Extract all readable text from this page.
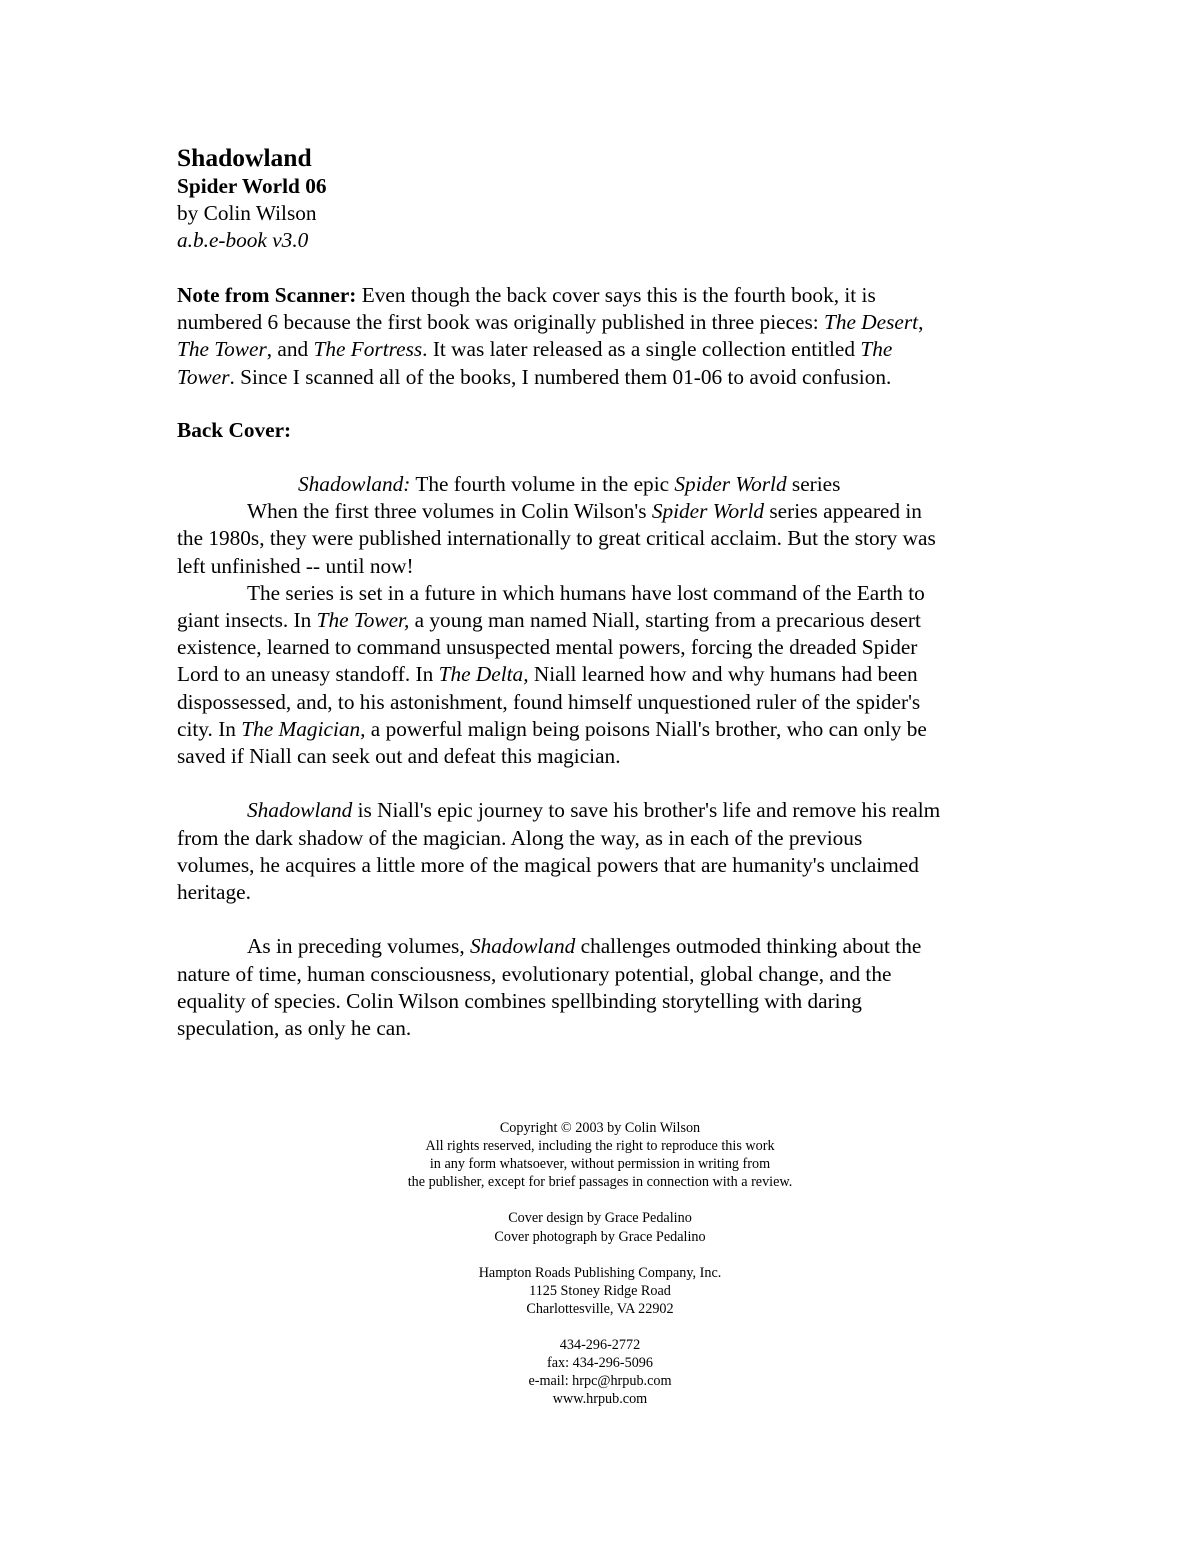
Shadowland
Spider World 06
by Colin Wilson
a.b.e-book v3.0
Note from Scanner: Even though the back cover says this is the fourth book, it is
numbered 6 because the first book was originally published in three pieces: The Desert,
The Tower, and The Fortress. It was later released as a single collection entitled The
Tower. Since I scanned all of the books, I numbered them 01-06 to avoid confusion.
Back Cover:
Shadowland: The fourth volume in the epic Spider World series
When the first three volumes in Colin Wilson's Spider World series appeared in
the 1980s, they were published internationally to great critical acclaim. But the story was
left unfinished -- until now!
The series is set in a future in which humans have lost command of the Earth to
giant insects. In The Tower, a young man named Niall, starting from a precarious desert
existence, learned to command unsuspected mental powers, forcing the dreaded Spider
Lord to an uneasy standoff. In The Delta, Niall learned how and why humans had been
dispossessed, and, to his astonishment, found himself unquestioned ruler of the spider's
city. In The Magician, a powerful malign being poisons Niall's brother, who can only be
saved if Niall can seek out and defeat this magician.
Shadowland is Niall's epic journey to save his brother's life and remove his realm
from the dark shadow of the magician. Along the way, as in each of the previous
volumes, he acquires a little more of the magical powers that are humanity's unclaimed
heritage.
As in preceding volumes, Shadowland challenges outmoded thinking about the
nature of time, human consciousness, evolutionary potential, global change, and the
equality of species. Colin Wilson combines spellbinding storytelling with daring
speculation, as only he can.
Copyright © 2003 by Colin Wilson
All rights reserved, including the right to reproduce this work
in any form whatsoever, without permission in writing from
the publisher, except for brief passages in connection with a review.
Cover design by Grace Pedalino
Cover photograph by Grace Pedalino
Hampton Roads Publishing Company, Inc.
1125 Stoney Ridge Road
Charlottesville, VA 22902
434-296-2772
fax: 434-296-5096
e-mail: hrpc@hrpub.com
www.hrpub.com
